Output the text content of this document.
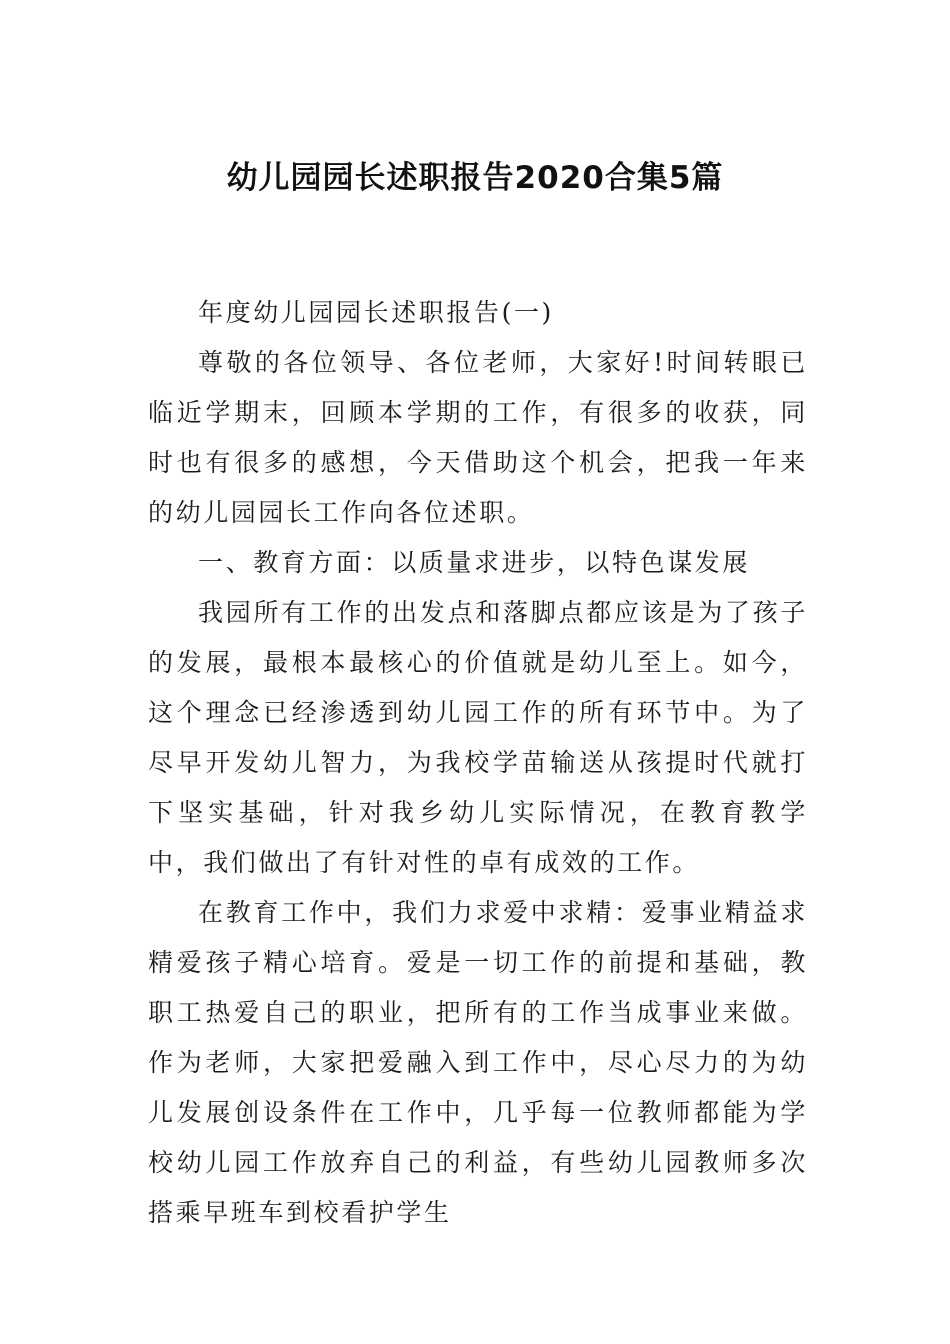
幼儿园园长述职报告2020合集5篇

年度幼儿园园长述职报告(一)

尊敬的各位领导、各位老师，大家好!时间转眼已临近学期末，回顾本学期的工作，有很多的收获，同时也有很多的感想，今天借助这个机会，把我一年来的幼儿园园长工作向各位述职。

一、教育方面：以质量求进步，以特色谋发展

我园所有工作的出发点和落脚点都应该是为了孩子的发展，最根本最核心的价值就是幼儿至上。如今，这个理念已经渗透到幼儿园工作的所有环节中。为了尽早开发幼儿智力，为我校学苗输送从孩提时代就打下坚实基础，针对我乡幼儿实际情况，在教育教学中，我们做出了有针对性的卓有成效的工作。

在教育工作中，我们力求爱中求精：爱事业精益求精爱孩子精心培育。爱是一切工作的前提和基础，教职工热爱自己的职业，把所有的工作当成事业来做。作为老师，大家把爱融入到工作中，尽心尽力的为幼儿发展创设条件在工作中，几乎每一位教师都能为学校幼儿园工作放弃自己的利益，有些幼儿园教师多次搭乘早班车到校看护学生
